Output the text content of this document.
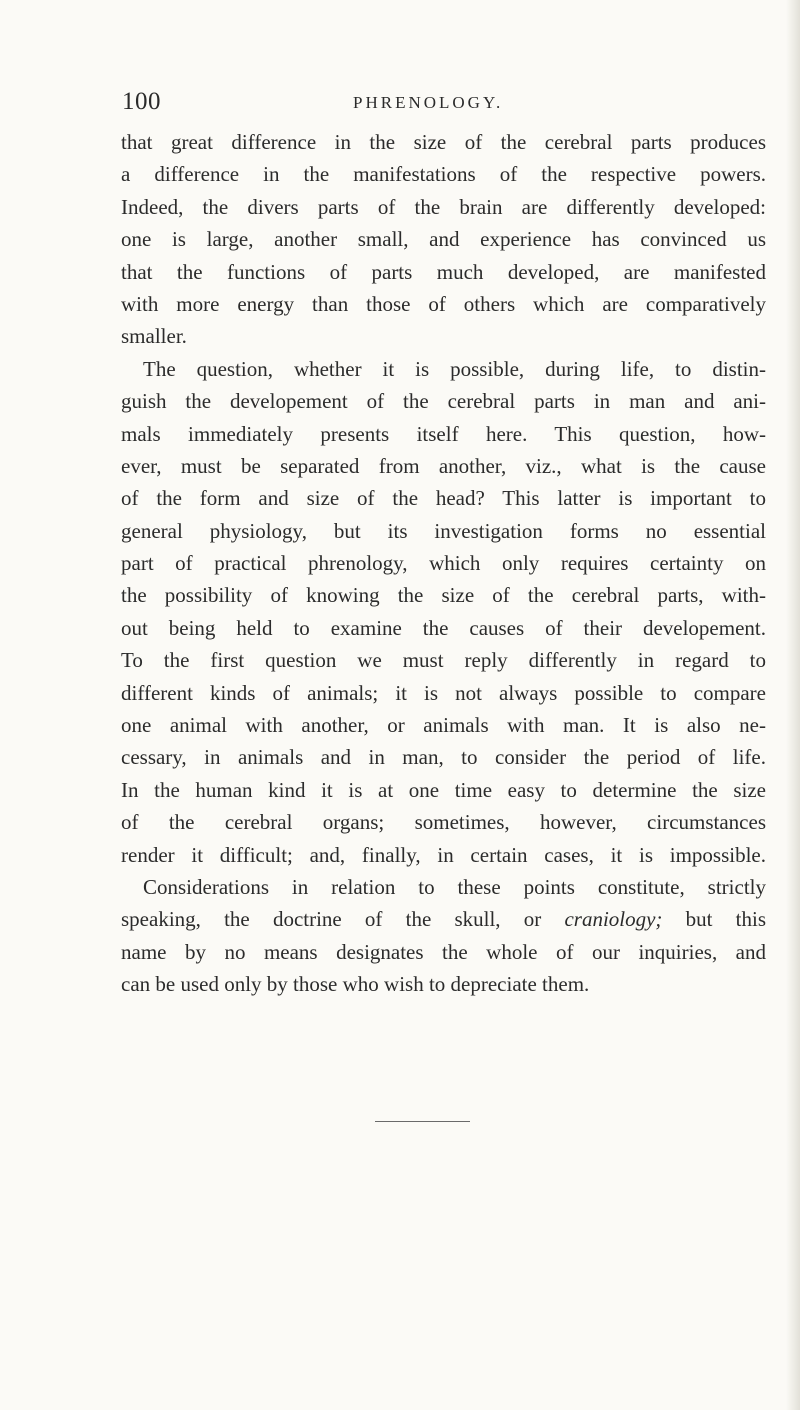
100	PHRENOLOGY.
that great difference in the size of the cerebral parts produces
a difference in the manifestations of the respective powers.
Indeed, the divers parts of the brain are differently developed:
one is large, another small, and experience has convinced us
that the functions of parts much developed, are manifested
with more energy than those of others which are comparatively
smaller.
The question, whether it is possible, during life, to distin-
guish the developement of the cerebral parts in man and ani-
mals immediately presents itself here. This question, how-
ever, must be separated from another, viz., what is the cause
of the form and size of the head? This latter is important to
general physiology, but its investigation forms no essential
part of practical phrenology, which only requires certainty on
the possibility of knowing the size of the cerebral parts, with-
out being held to examine the causes of their developement.
To the first question we must reply differently in regard to
different kinds of animals; it is not always possible to compare
one animal with another, or animals with man. It is also ne-
cessary, in animals and in man, to consider the period of life.
In the human kind it is at one time easy to determine the size
of the cerebral organs; sometimes, however, circumstances
render it difficult; and, finally, in certain cases, it is impossible.
Considerations in relation to these points constitute, strictly
speaking, the doctrine of the skull, or craniology; but this
name by no means designates the whole of our inquiries, and
can be used only by those who wish to depreciate them.
